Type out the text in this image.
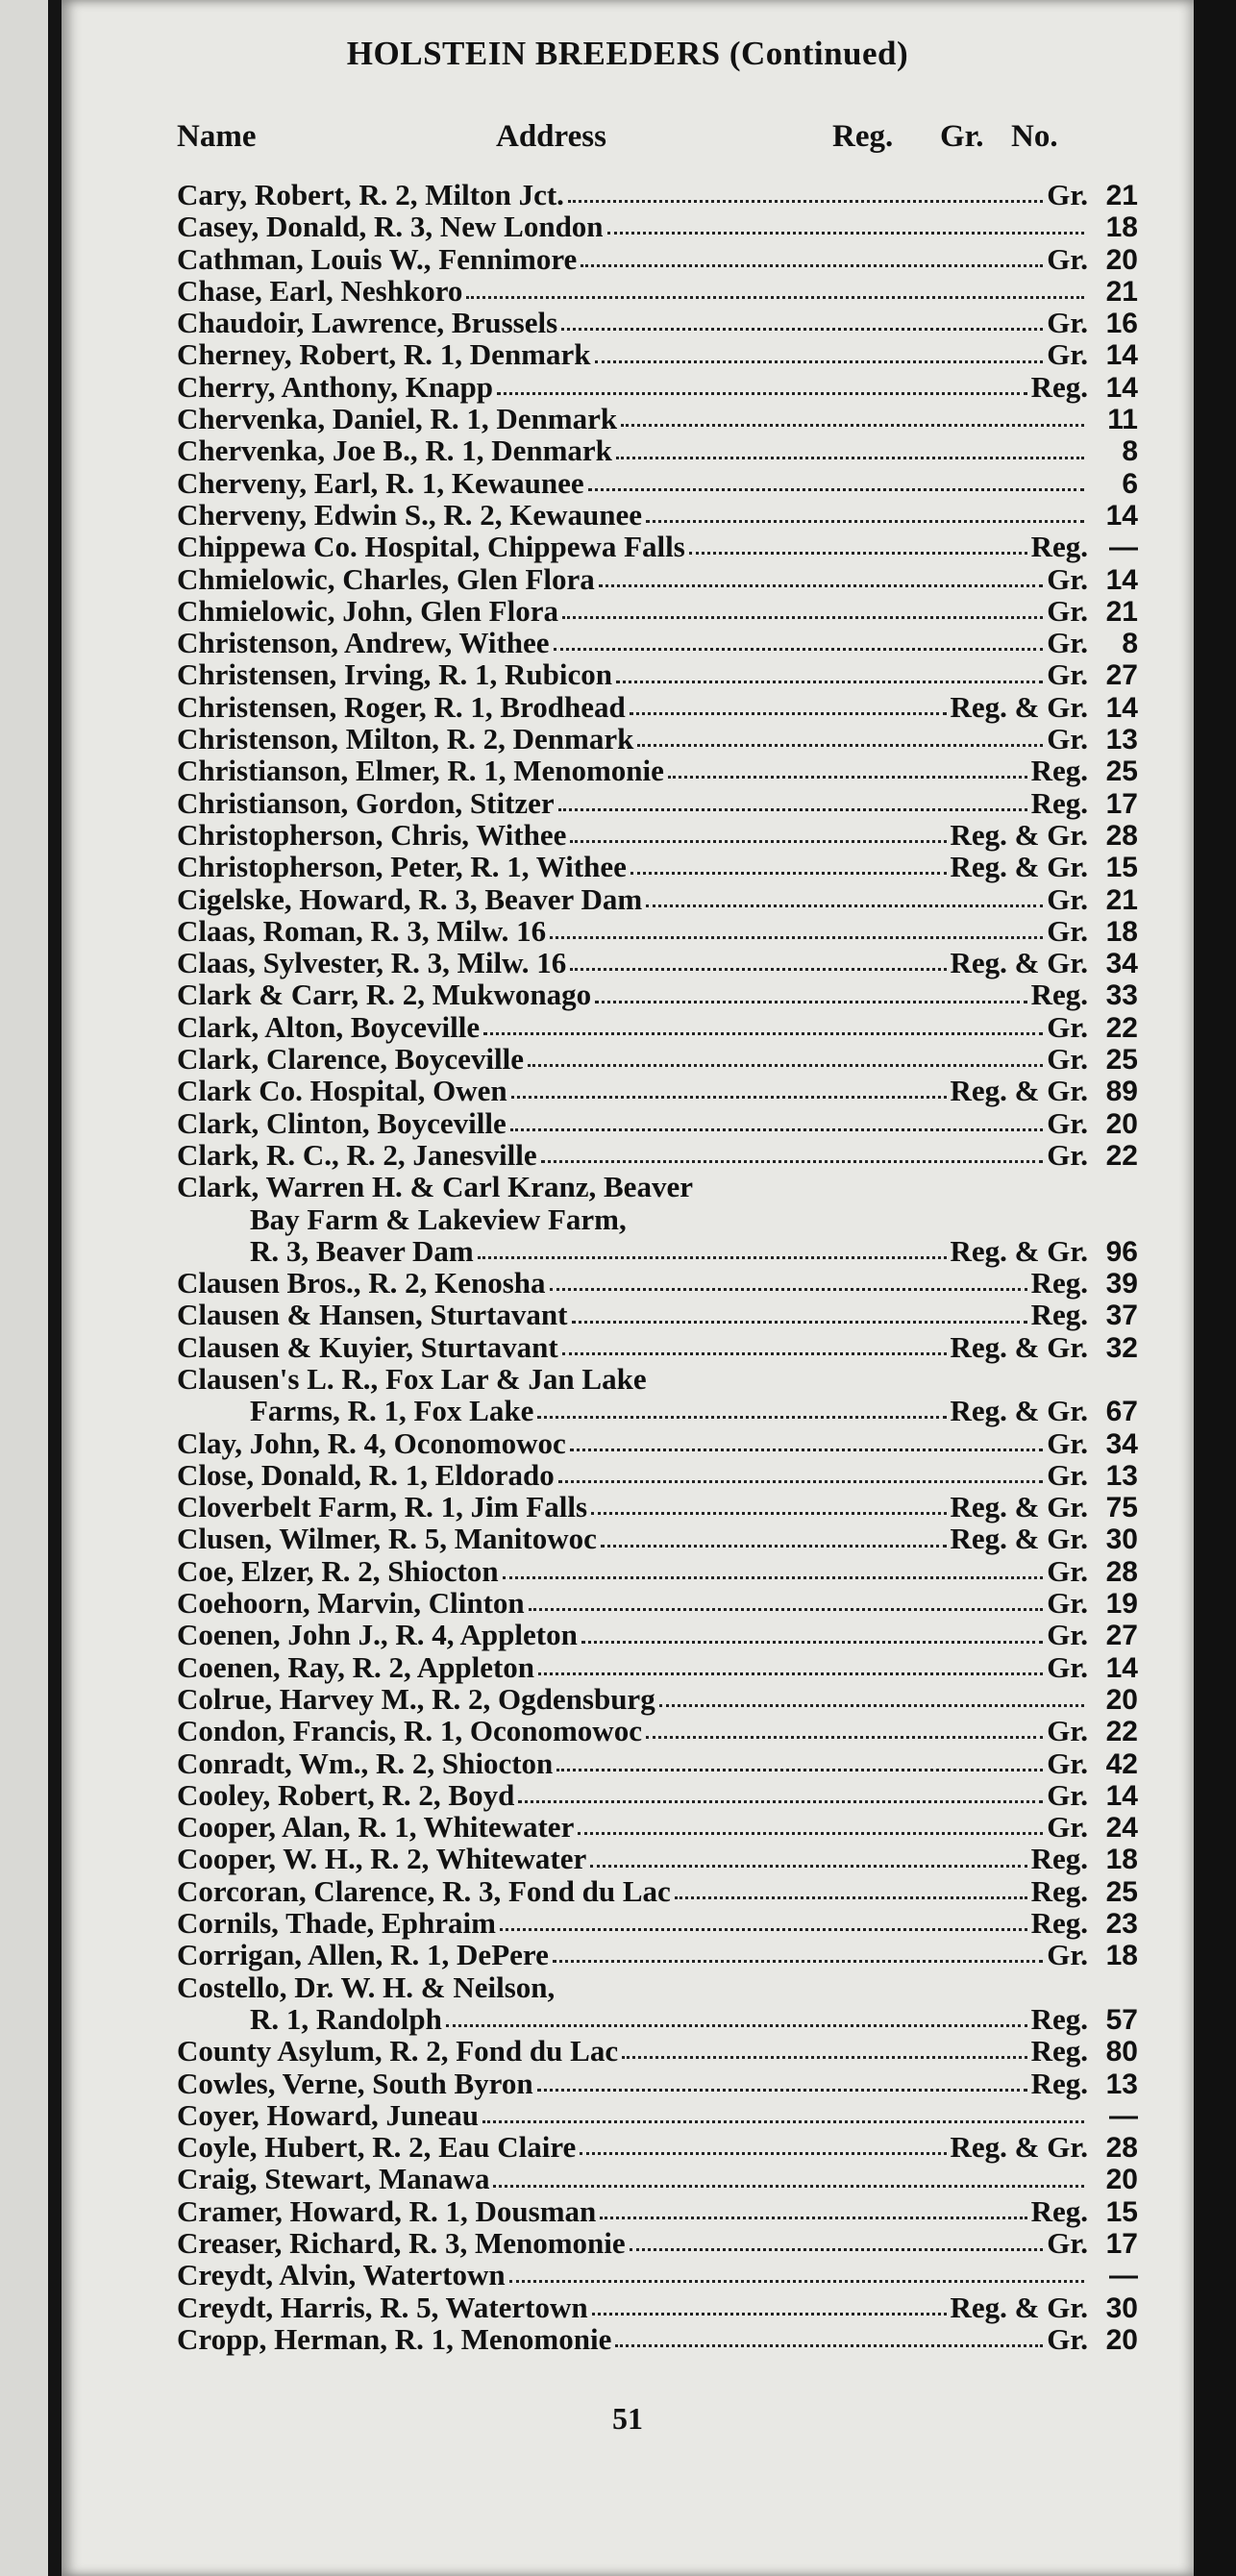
HOLSTEIN BREEDERS (Continued)
Name	Address	Reg. Gr. No.
Cary, Robert, R. 2, Milton Jct.	Gr. 21
Casey, Donald, R. 3, New London	18
Cathman, Louis W., Fennimore	Gr. 20
Chase, Earl, Neshkoro	21
Chaudoir, Lawrence, Brussels	Gr. 16
Cherney, Robert, R. 1, Denmark	Gr. 14
Cherry, Anthony, Knapp	Reg. 14
Chervenka, Daniel, R. 1, Denmark	11
Chervenka, Joe B., R. 1, Denmark	8
Cherveny, Earl, R. 1, Kewaunee	6
Cherveny, Edwin S., R. 2, Kewaunee	14
Chippewa Co. Hospital, Chippewa Falls	Reg. —
Chmielowic, Charles, Glen Flora	Gr. 14
Chmielowic, John, Glen Flora	Gr. 21
Christenson, Andrew, Withee	Gr.	8
Christensen, Irving, R. 1, Rubicon	Gr. 27
Christensen, Roger, R. 1, Brodhead	Reg. & Gr. 14
Christenson, Milton, R. 2, Denmark	Gr. 13
Christianson, Elmer, R. 1, Menomonie	Reg. 25
Christianson, Gordon, Stitzer	Reg. 17
Christopherson, Chris, Withee	Reg. & Gr. 28
Christopherson, Peter, R. 1, Withee	Reg. & Gr. 15
Cigelske, Howard, R. 3, Beaver Dam	Gr. 21
Claas, Roman, R. 3, Milw. 16	Gr. 18
Claas, Sylvester, R. 3, Milw. 16	Reg. & Gr. 34
Clark & Carr, R. 2, Mukwonago	Reg. 33
Clark, Alton, Boyceville	Gr. 22
Clark, Clarence, Boyceville	Gr. 25
Clark Co. Hospital, Owen	Reg. & Gr. 89
Clark, Clinton, Boyceville	Gr. 20
Clark, R. C., R. 2, Janesville	Gr. 22
Clark, Warren H. & Carl Kranz, Beaver
Bay Farm & Lakeview Farm,
R. 3, Beaver Dam	Reg. & Gr. 96
Clausen Bros., R. 2, Kenosha	Reg. 39
Clausen & Hansen, Sturtavant	Reg. 37
Clausen & Kuyier, Sturtavant	Reg. & Gr. 32
Clausen's L. R., Fox Lar & Jan Lake
Farms, R. 1, Fox Lake	Reg. & Gr. 67
Clay, John, R. 4, Oconomowoc	Gr. 34
Close, Donald, R. 1, Eldorado	Gr. 13
Cloverbelt Farm, R. 1, Jim Falls	Reg. & Gr. 75
Clusen, Wilmer, R. 5, Manitowoc	Reg. & Gr. 30
Coe, Elzer, R. 2, Shiocton	Gr. 28
Coehoorn, Marvin, Clinton	Gr. 19
Coenen, John J., R. 4, Appleton	Gr. 27
Coenen, Ray, R. 2, Appleton	Gr. 14
Colrue, Harvey M., R. 2, Ogdensburg	20
Condon, Francis, R. 1, Oconomowoc	Gr. 22
Conradt, Wm., R. 2, Shiocton	Gr. 42
Cooley, Robert, R. 2, Boyd	Gr. 14
Cooper, Alan, R. 1, Whitewater	Gr. 24
Cooper, W. H., R. 2, Whitewater	Reg. 18
Corcoran, Clarence, R. 3, Fond du Lac	Reg. 25
Cornils, Thade, Ephraim	Reg. 23
Corrigan, Allen, R. 1, DePere	Gr. 18
Costello, Dr. W. H. & Neilson,
R. 1, Randolph	Reg. 57
County Asylum, R. 2, Fond du Lac	Reg. 80
Cowles, Verne, South Byron	Reg. 13
Coyer, Howard, Juneau	—
Coyle, Hubert, R. 2, Eau Claire	Reg. & Gr. 28
Craig, Stewart, Manawa	20
Cramer, Howard, R. 1, Dousman	Reg. 15
Creaser, Richard, R. 3, Menomonie	Gr. 17
Creydt, Alvin, Watertown	—
Creydt, Harris, R. 5, Watertown	Reg. & Gr. 30
Cropp, Herman, R. 1, Menomonie	Gr. 20
51
